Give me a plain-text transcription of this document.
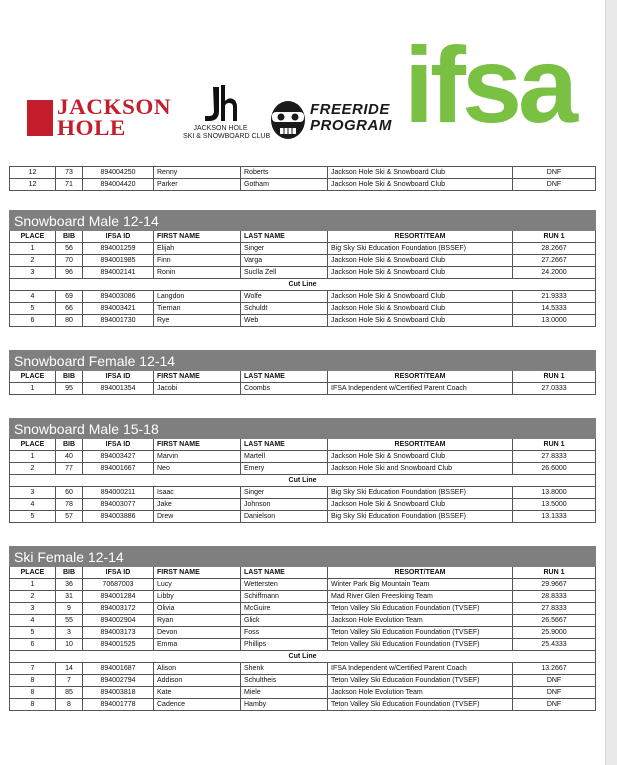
JACKSON
HOLE	JACKSON HOLE
SKI & SNOWBOARD CLUB
FREERIDE
PROGRAM ifsa
12	73	894004250	Renny	Roberts	Jackson Hole Ski & Snowboard Club	DNF
12	71	894004420	Parker	Gotham	Jackson Hole Ski & Snowboard Club	DNF
Snowboard Male 12-14						
PLACE	BIB	IFSA ID	FIRST NAME	LAST NAME	RESORT/TEAM	RUN 1
1	56	894001259	Elijah	Singer	Big Sky Ski Education Foundation (BSSEF)	28.2667
2	70	894001985	Finn	Varga	Jackson Hole Ski & Snowboard Club	27.2667
3	96	894002141	Ronin	Suclla Zell	Jackson Hole Ski & Snowboard Club	24.2000
Cut Line						
4	69	894003086	Langdon	Wolfe	Jackson Hole Ski & Snowboard Club	21.9333
5	66	894003421	Tiernan	Schuldt	Jackson Hole Ski & Snowboard Club	14.5333
6	80	894001730	Rye	Web	Jackson Hole Ski & Snowboard Club	13.0000
Snowboard Female 12-14						
PLACE	BIB	IFSA ID	FIRST NAME	LAST NAME	RESORT/TEAM	RUN 1
1	95	894001354	Jacobi	Coombs	IFSA Independent w/Certified Parent Coach	27.0333
Snowboard Male 15-18						
PLACE	BIB	IFSA ID	FIRST NAME	LAST NAME	RESORT/TEAM	RUN 1
1	40	894003427	Marvin	Martell	Jackson Hole Ski & Snowboard Club	27.8333
2	77	894001667	Neo	Emery	Jackson Hole Ski and Snowboard Club	26.6000
Cut Line						
3	60	894000211	Isaac	Singer	Big Sky Ski Education Foundation (BSSEF)	13.8000
4	78	894003077	Jake	Johnson	Jackson Hole Ski & Snowboard Club	13.5000
5	57	894003886	Drew	Danielson	Big Sky Ski Education Foundation (BSSEF)	13.1333
Ski Female 12-14						
PLACE	BIB	IFSA ID	FIRST NAME	LAST NAME	RESORT/TEAM	RUN 1
1	36	70687003	Lucy	Wettersten	Winter Park Big Mountain Team	29.9667
2	31	894001284	Libby	Schiffmann	Mad River Glen Freeskiing Team	28.8333
3	9	894003172	Olivia	McGuire	Teton Valley Ski Education Foundation (TVSEF)	27.8333
4	55	894002904	Ryan	Glick	Jackson Hole Evolution Team	26.5667
5	3	894003173	Devon	Foss	Teton Valley Ski Education Foundation (TVSEF)	25.9000
6	10	894001525	Emma	Phillips	Teton Valley Ski Education Foundation (TVSEF)	25.4333
Cut Line						
7	14	894001687	Alison	Shenk	IFSA Independent w/Certified Parent Coach	13.2667
8	7	894002794	Addison	Schultheis	Teton Valley Ski Education Foundation (TVSEF)	DNF
8	85	894003818	Kate	Miele	Jackson Hole Evolution Team	DNF
8	8	894001778	Cadence	Hamby	Teton Valley Ski Education Foundation (TVSEF)	DNF
